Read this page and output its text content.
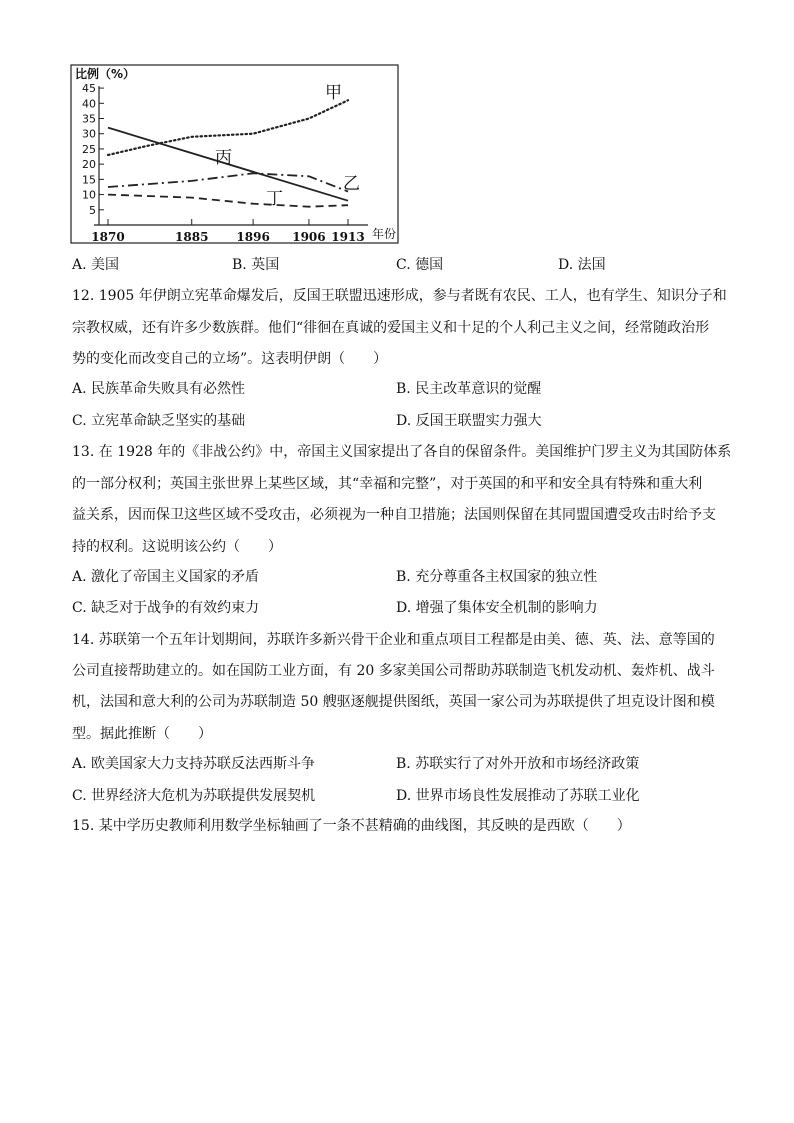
比例（%）
5
10
15
20
25
30
35
40
45
1870	1885 1896 1906 1913
甲
乙
丙
丁
年份
A. 美国	B. 英国	C. 德国	D. 法国
12. 1905 年伊朗立宪革命爆发后，反国王联盟迅速形成，参与者既有农民、工人，也有学生、知识分子和
宗教权威，还有许多少数族群。他们“徘徊在真诚的爱国主义和十足的个人利己主义之间，经常随政治形
势的变化而改变自己的立场”。这表明伊朗（　　）
A. 民族革命失败具有必然性	B. 民主改革意识的觉醒
C. 立宪革命缺乏坚实的基础	D. 反国王联盟实力强大
13. 在 1928 年的《非战公约》中，帝国主义国家提出了各自的保留条件。美国维护门罗主义为其国防体系
的一部分权利；英国主张世界上某些区域，其“幸福和完整”，对于英国的和平和安全具有特殊和重大利
益关系，因而保卫这些区域不受攻击，必须视为一种自卫措施；法国则保留在其同盟国遭受攻击时给予支
持的权利。这说明该公约（　　）
A. 激化了帝国主义国家的矛盾	B. 充分尊重各主权国家的独立性
C. 缺乏对于战争的有效约束力	D. 增强了集体安全机制的影响力
14. 苏联第一个五年计划期间，苏联许多新兴骨干企业和重点项目工程都是由美、德、英、法、意等国的
公司直接帮助建立的。如在国防工业方面，有 20 多家美国公司帮助苏联制造飞机发动机、轰炸机、战斗
机，法国和意大利的公司为苏联制造 50 艘驱逐舰提供图纸，英国一家公司为苏联提供了坦克设计图和模
型。据此推断（　　）
A. 欧美国家大力支持苏联反法西斯斗争	B. 苏联实行了对外开放和市场经济政策
C. 世界经济大危机为苏联提供发展契机	D. 世界市场良性发展推动了苏联工业化
15. 某中学历史教师利用数学坐标轴画了一条不甚精确的曲线图，其反映的是西欧（　　）
